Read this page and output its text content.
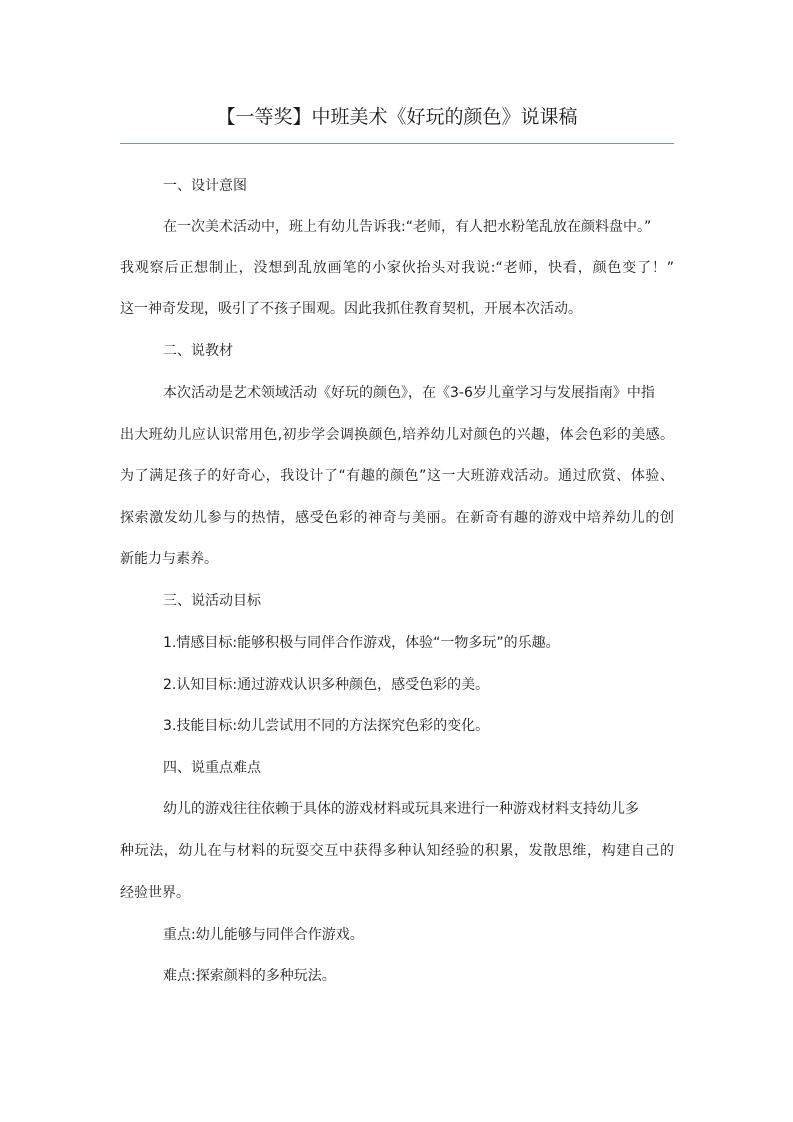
【一等奖】中班美术《好玩的颜色》说课稿
一、设计意图
在一次美术活动中，班上有幼儿告诉我:“老师，有人把水粉笔乱放在颜料盘中。”
我观察后正想制止，没想到乱放画笔的小家伙抬头对我说:“老师，快看，颜色变了！”
这一神奇发现，吸引了不孩子围观。因此我抓住教育契机，开展本次活动。
二、说教材
本次活动是艺术领域活动《好玩的颜色》，在《3-6岁儿童学习与发展指南》中指
出大班幼儿应认识常用色,初步学会调换颜色,培养幼儿对颜色的兴趣，体会色彩的美感。
为了满足孩子的好奇心，我设计了“有趣的颜色”这一大班游戏活动。通过欣赏、体验、
探索激发幼儿参与的热情，感受色彩的神奇与美丽。在新奇有趣的游戏中培养幼儿的创
新能力与素养。
三、说活动目标
1.情感目标:能够积极与同伴合作游戏，体验“一物多玩”的乐趣。
2.认知目标:通过游戏认识多种颜色，感受色彩的美。
3.技能目标:幼儿尝试用不同的方法探究色彩的变化。
四、说重点难点
幼儿的游戏往往依赖于具体的游戏材料或玩具来进行一种游戏材料支持幼儿多
种玩法，幼儿在与材料的玩耍交互中获得多种认知经验的积累，发散思维，构建自己的
经验世界。
重点:幼儿能够与同伴合作游戏。
难点:探索颜料的多种玩法。
